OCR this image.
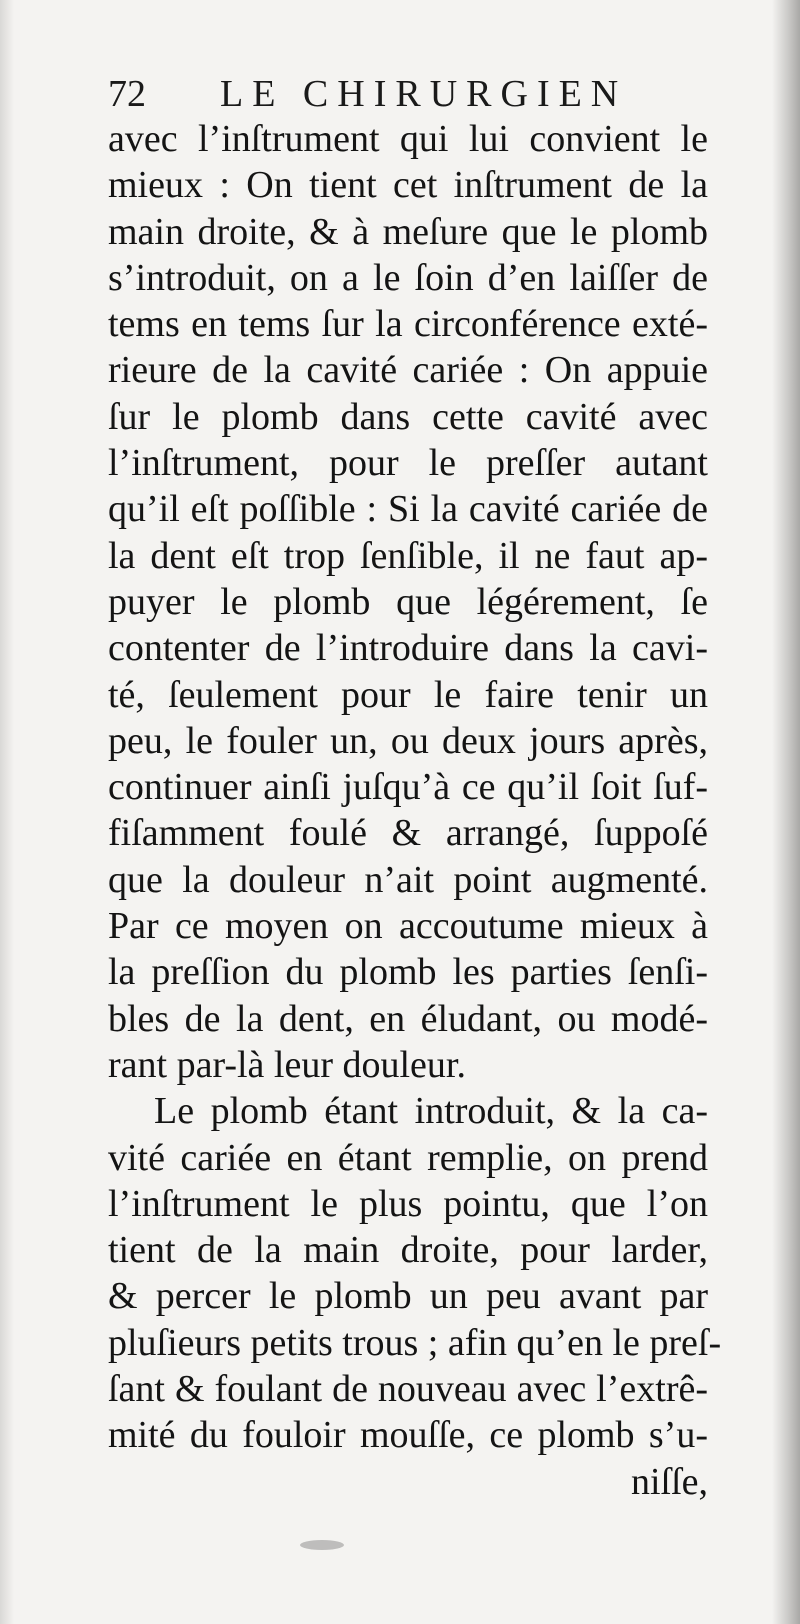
72 LE CHIRURGIEN
avec l’inſtrument qui lui convient le
mieux : On tient cet inſtrument de la
main droite, & à meſure que le plomb
s’introduit, on a le ſoin d’en laiſſer de
tems en tems ſur la circonférence exté-
rieure de la cavité cariée : On appuie
ſur le plomb dans cette cavité avec
l’inſtrument, pour le preſſer autant
qu’il eſt poſſible : Si la cavité cariée de
la dent eſt trop ſenſible, il ne faut ap-
puyer le plomb que légérement, ſe
contenter de l’introduire dans la cavi-
té, ſeulement pour le faire tenir un
peu, le fouler un, ou deux jours après,
continuer ainſi juſqu’à ce qu’il ſoit ſuf-
fiſamment foulé & arrangé, ſuppoſé
que la douleur n’ait point augmenté.
Par ce moyen on accoutume mieux à
la preſſion du plomb les parties ſenſi-
bles de la dent, en éludant, ou modé-
rant par-là leur douleur.
Le plomb étant introduit, & la ca-
vité cariée en étant remplie, on prend
l’inſtrument le plus pointu, que l’on
tient de la main droite, pour larder,
& percer le plomb un peu avant par
pluſieurs petits trous ; afin qu’en le preſ-
ſant & foulant de nouveau avec l’extrê-
mité du fouloir mouſſe, ce plomb s’u-
niſſe,
